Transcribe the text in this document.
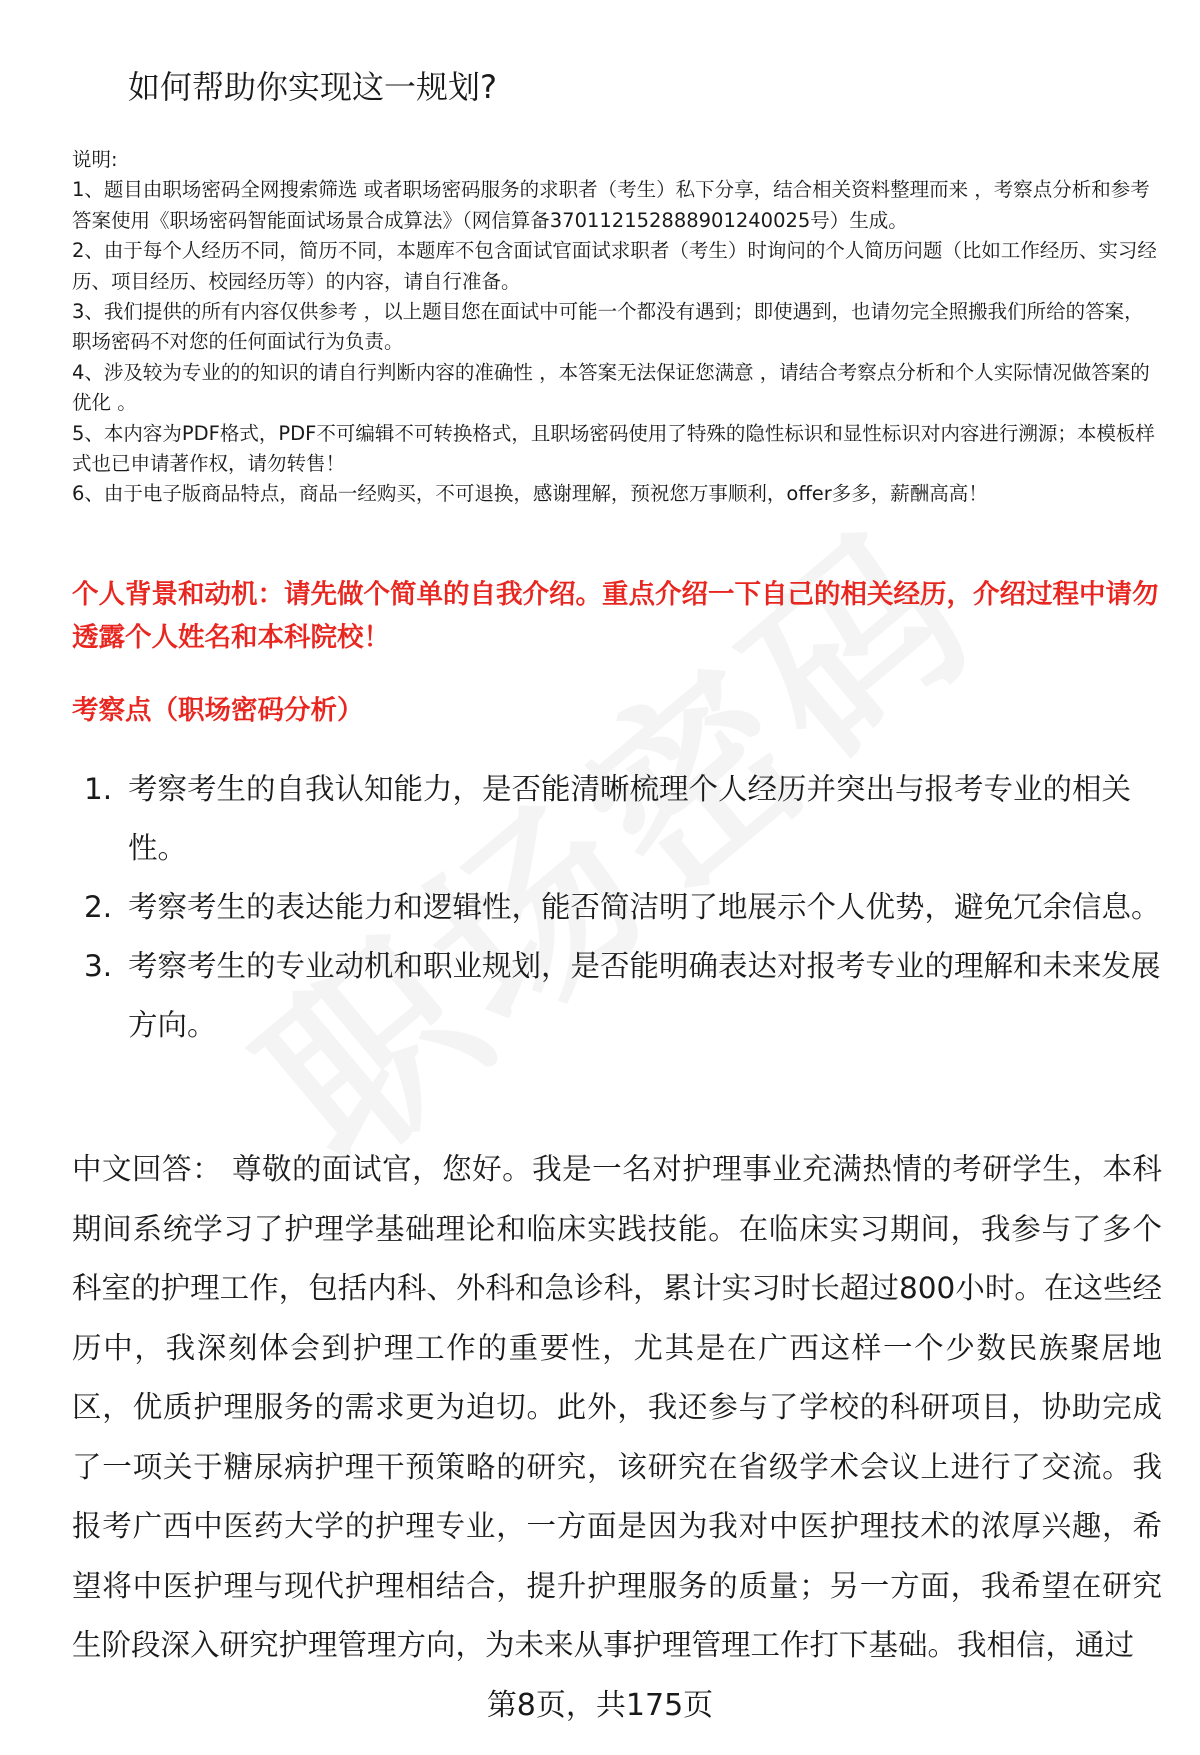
如何帮助你实现这一规划?

说明:

1、题目由职场密码全网搜索筛选 或者职场密码服务的求职者（考生）私下分享，结合相关资料整理而来 ，考察点分析和参考答案使用《职场密码智能面试场景合成算法》（网信算备370112152888901240025号）生成。

2、由于每个人经历不同，简历不同，本题库不包含面试官面试求职者（考生）时询问的个人简历问题（比如工作经历、实习经历、项目经历、校园经历等）的内容，请自行准备。

3、我们提供的所有内容仅供参考 ，以上题目您在面试中可能一个都没有遇到；即使遇到，也请勿完全照搬我们所给的答案，职场密码不对您的任何面试行为负责。

4、涉及较为专业的的知识的请自行判断内容的准确性 ，本答案无法保证您满意 ，请结合考察点分析和个人实际情况做答案的优化 。

5、本内容为PDF格式，PDF不可编辑不可转换格式，且职场密码使用了特殊的隐性标识和显性标识对内容进行溯源；本模板样式也已申请著作权，请勿转售！

6、由于电子版商品特点，商品一经购买，不可退换，感谢理解，预祝您万事顺利，offer多多，薪酬高高！

个人背景和动机：请先做个简单的自我介绍。重点介绍一下自己的相关经历，介绍过程中请勿透露个人姓名和本科院校！
考察点（职场密码分析）
1. 考察考生的自我认知能力，是否能清晰梳理个人经历并突出与报考专业的相关性。
2. 考察考生的表达能力和逻辑性，能否简洁明了地展示个人优势，避免冗余信息。
3. 考察考生的专业动机和职业规划，是否能明确表达对报考专业的理解和未来发展方向。
中文回答： 尊敬的面试官，您好。我是一名对护理事业充满热情的考研学生，本科期间系统学习了护理学基础理论和临床实践技能。在临床实习期间，我参与了多个科室的护理工作，包括内科、外科和急诊科，累计实习时长超过800小时。在这些经历中，我深刻体会到护理工作的重要性，尤其是在广西这样一个少数民族聚居地区，优质护理服务的需求更为迫切。此外，我还参与了学校的科研项目，协助完成了一项关于糖尿病护理干预策略的研究，该研究在省级学术会议上进行了交流。我报考广西中医药大学的护理专业，一方面是因为我对中医护理技术的浓厚兴趣，希望将中医护理与现代护理相结合，提升护理服务的质量；另一方面，我希望在研究生阶段深入研究护理管理方向，为未来从事护理管理工作打下基础。我相信，通过
第8页，共175页
